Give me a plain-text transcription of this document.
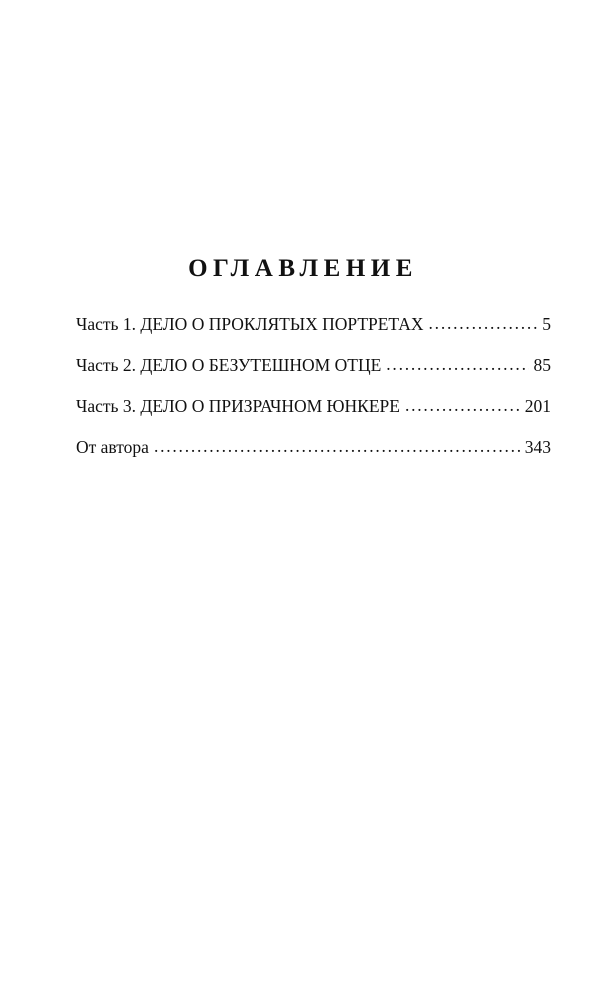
ОГЛАВЛЕНИЕ
Часть 1. ДЕЛО О ПРОКЛЯТЫХ ПОРТРЕТАХ . . .	5
Часть 2. ДЕЛО О БЕЗУТЕШНОМ ОТЦЕ . . .	85
Часть 3. ДЕЛО О ПРИЗРАЧНОМ ЮНКЕРЕ . . .	201
От автора . . .	343
